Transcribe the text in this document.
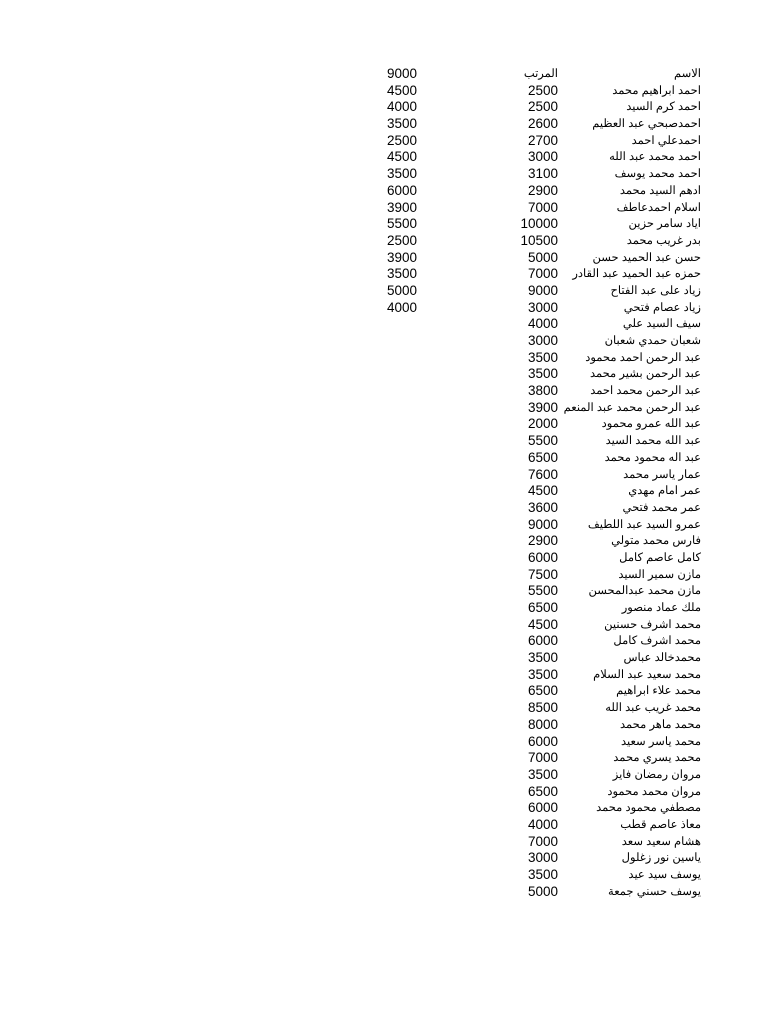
الاسم
احمد ابراهيم محمد
احمد كرم السيد
احمدصبحي عبد العظيم
احمدعلي احمد
احمد محمد عبد الله
احمد محمد يوسف
ادهم السيد محمد
اسلام احمدعاطف
اياد سامر حزين
بدر غريب محمد
حسن عبد الحميد حسن
حمزه عبد الحميد عبد القادر
زياد على عبد الفتاح
زياد عصام فتحي
سيف السيد علي
شعبان حمدي شعبان
عبد الرحمن احمد محمود
عبد الرحمن بشير محمد
عبد الرحمن محمد احمد
عبد الرحمن محمد عبد المنعم
عبد الله عمرو محمود
عبد الله محمد السيد
عبد اله محمود محمد
عمار ياسر محمد
عمر امام مهدي
عمر محمد فتحي
عمرو السيد عبد اللطيف
فارس محمد متولي
كامل عاصم كامل
مازن سمير السيد
مازن محمد عبدالمحسن
ملك عماد منصور
محمد اشرف حسنين
محمد اشرف كامل
محمدخالد عباس
محمد سعيد عبد السلام
محمد علاء ابراهيم
محمد غريب عبد الله
محمد ماهر محمد
محمد ياسر سعيد
محمد يسري محمد
مروان رمضان فايز
مروان محمد محمود
مصطفي محمود محمد
معاذ عاصم قطب
هشام سعيد سعد
ياسين نور زغلول
يوسف سيد عيد
يوسف حسني جمعة
المرتب
2500
2500
2600
2700
3000
3100
2900
7000
10000
10500
5000
7000
9000
3000
4000
3000
3500
3500
3800
3900
2000
5500
6500
7600
4500
3600
9000
2900
6000
7500
5500
6500
4500
6000
3500
3500
6500
8500
8000
6000
7000
3500
6500
6000
4000
7000
3000
3500
5000
9000
4500
4000
3500
2500
4500
3500
6000
3900
5500
2500
3900
3500
5000
4000
